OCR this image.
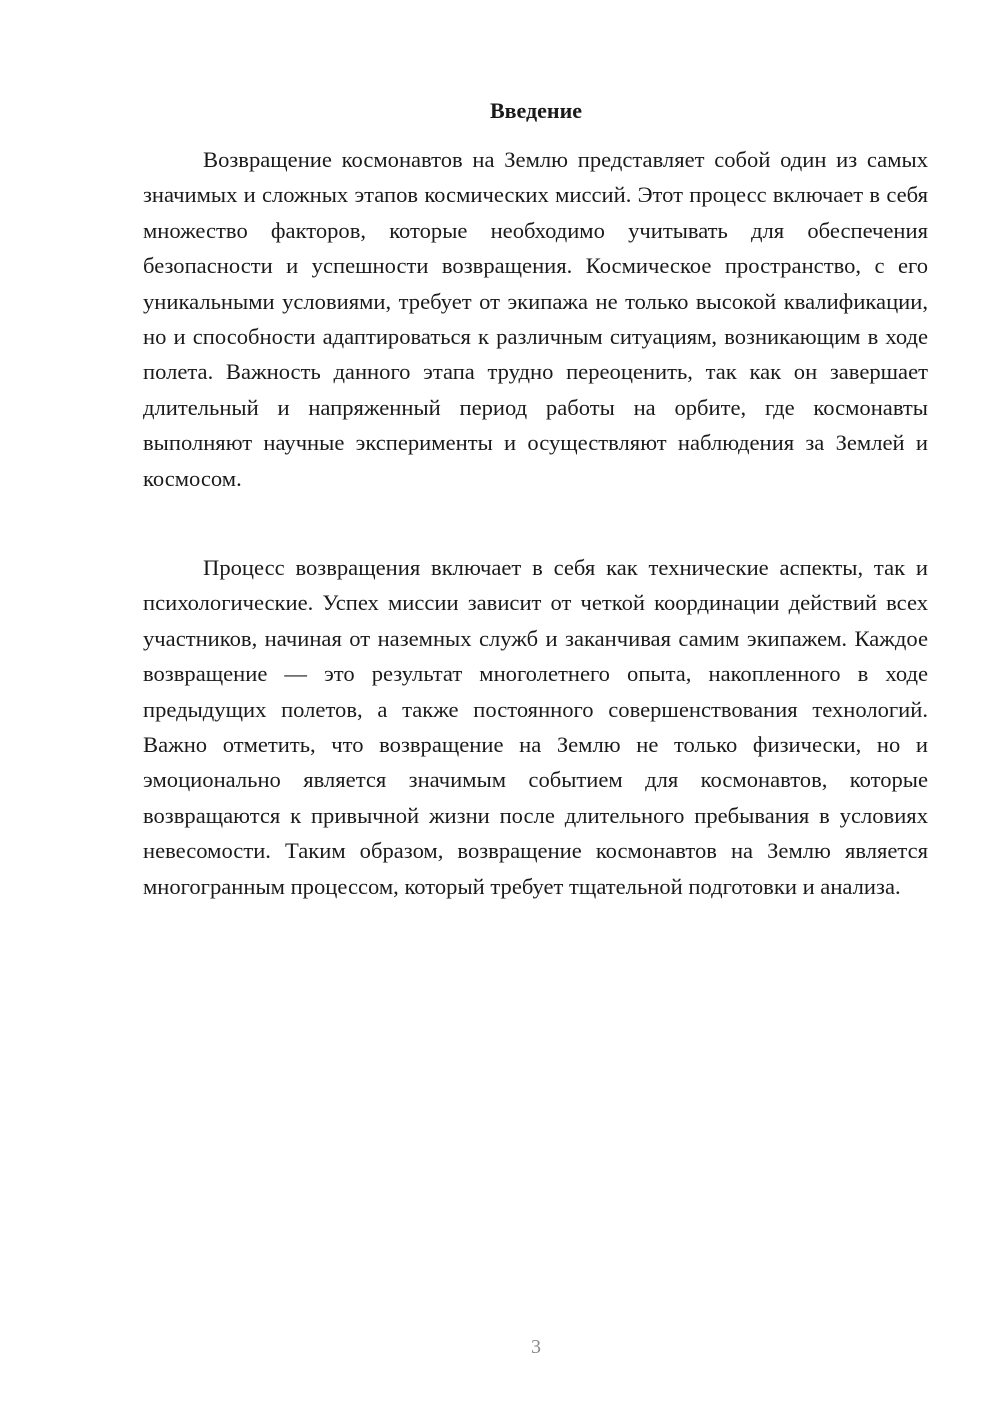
Введение

Возвращение космонавтов на Землю представляет собой один из самых значимых и сложных этапов космических миссий. Этот процесс включает в себя множество факторов, которые необходимо учитывать для обеспечения безопасности и успешности возвращения. Космическое пространство, с его уникальными условиями, требует от экипажа не только высокой квалификации, но и способности адаптироваться к различным ситуациям, возникающим в ходе полета. Важность данного этапа трудно переоценить, так как он завершает длительный и напряженный период работы на орбите, где космонавты выполняют научные эксперименты и осуществляют наблюдения за Землей и космосом.

Процесс возвращения включает в себя как технические аспекты, так и психологические. Успех миссии зависит от четкой координации действий всех участников, начиная от наземных служб и заканчивая самим экипажем. Каждое возвращение — это результат многолетнего опыта, накопленного в ходе предыдущих полетов, а также постоянного совершенствования технологий. Важно отметить, что возвращение на Землю не только физически, но и эмоционально является значимым событием для космонавтов, которые возвращаются к привычной жизни после длительного пребывания в условиях невесомости. Таким образом, возвращение космонавтов на Землю является многогранным процессом, который требует тщательной подготовки и анализа.

3
